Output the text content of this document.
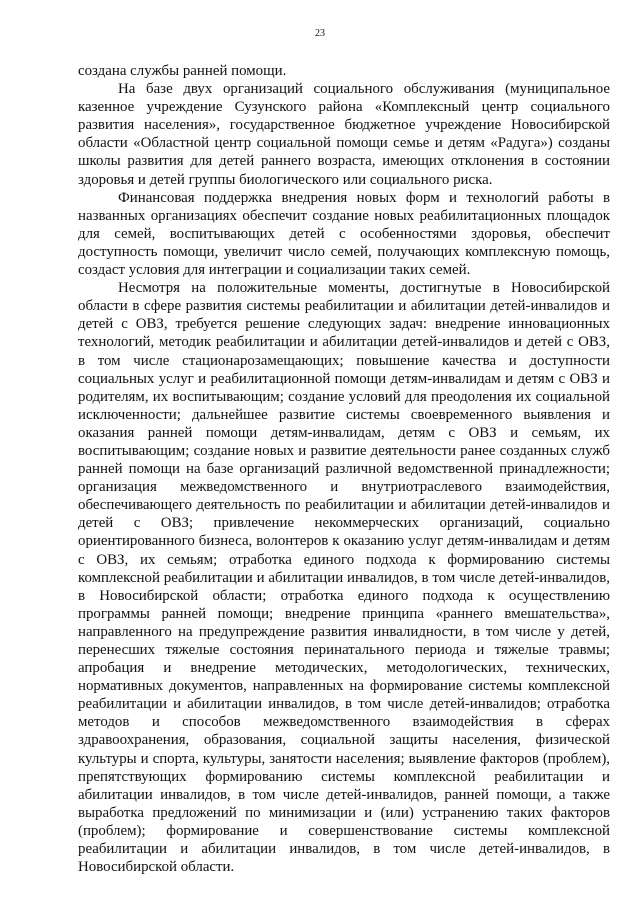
23

создана службы ранней помощи.

На базе двух организаций социального обслуживания (муниципальное казенное учреждение Сузунского района «Комплексный центр социального развития населения», государственное бюджетное учреждение Новосибирской области «Областной центр социальной помощи семье и детям «Радуга») созданы школы развития для детей раннего возраста, имеющих отклонения в состоянии здоровья и детей группы биологического или социального риска.

Финансовая поддержка внедрения новых форм и технологий работы в названных организациях обеспечит создание новых реабилитационных площадок для семей, воспитывающих детей с особенностями здоровья, обеспечит доступность помощи, увеличит число семей, получающих комплексную помощь, создаст условия для интеграции и социализации таких семей.

Несмотря на положительные моменты, достигнутые в Новосибирской области в сфере развития системы реабилитации и абилитации детей-инвалидов и детей с ОВЗ, требуется решение следующих задач: внедрение инновационных технологий, методик реабилитации и абилитации детей-инвалидов и детей с ОВЗ, в том числе стационарозамещающих; повышение качества и доступности социальных услуг и реабилитационной помощи детям-инвалидам и детям с ОВЗ и родителям, их воспитывающим; создание условий для преодоления их социальной исключенности; дальнейшее развитие системы своевременного выявления и оказания ранней помощи детям-инвалидам, детям с ОВЗ и семьям, их воспитывающим; создание новых и развитие деятельности ранее созданных служб ранней помощи на базе организаций различной ведомственной принадлежности; организация межведомственного и внутриотраслевого взаимодействия, обеспечивающего деятельность по реабилитации и абилитации детей-инвалидов и детей с ОВЗ; привлечение некоммерческих организаций, социально ориентированного бизнеса, волонтеров к оказанию услуг детям-инвалидам и детям с ОВЗ, их семьям; отработка единого подхода к формированию системы комплексной реабилитации и абилитации инвалидов, в том числе детей-инвалидов, в Новосибирской области; отработка единого подхода к осуществлению программы ранней помощи; внедрение принципа «раннего вмешательства», направленного на предупреждение развития инвалидности, в том числе у детей, перенесших тяжелые состояния перинатального периода и тяжелые травмы; апробация и внедрение методических, методологических, технических, нормативных документов, направленных на формирование системы комплексной реабилитации и абилитации инвалидов, в том числе детей-инвалидов; отработка методов и способов межведомственного взаимодействия в сферах здравоохранения, образования, социальной защиты населения, физической культуры и спорта, культуры, занятости населения; выявление факторов (проблем), препятствующих формированию системы комплексной реабилитации и абилитации инвалидов, в том числе детей-инвалидов, ранней помощи, а также выработка предложений по минимизации и (или) устранению таких факторов (проблем); формирование и совершенствование системы комплексной реабилитации и абилитации инвалидов, в том числе детей-инвалидов, в Новосибирской области.
